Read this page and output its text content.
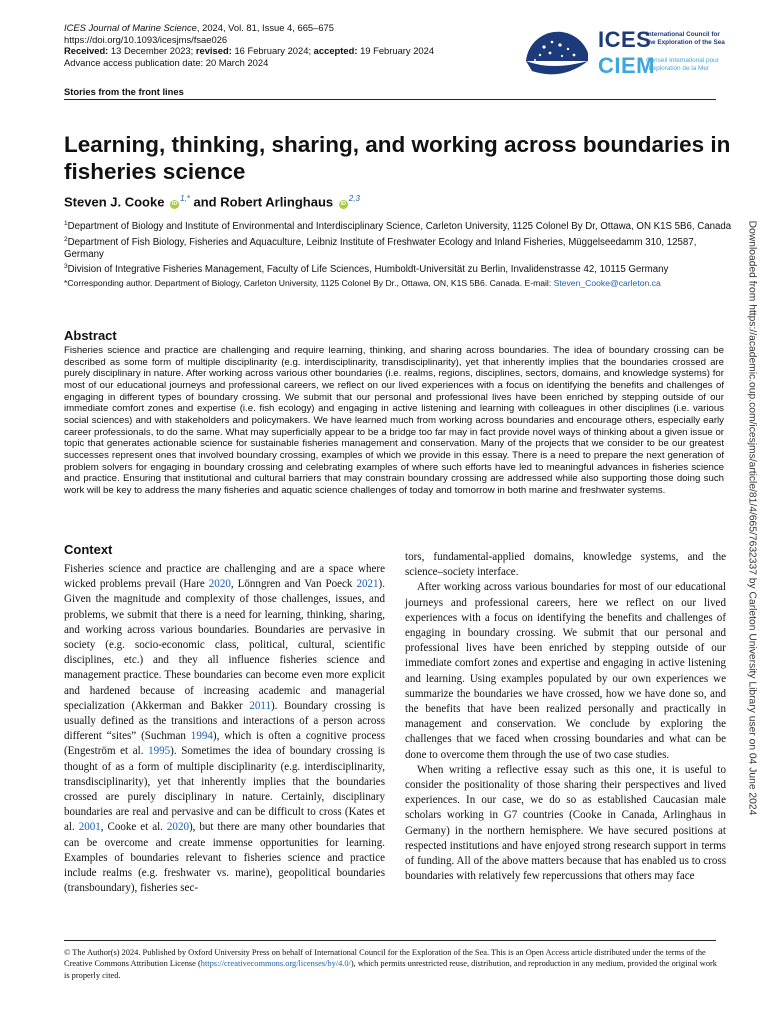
ICES Journal of Marine Science, 2024, Vol. 81, Issue 4, 665–675
https://doi.org/10.1093/icesjms/fsae026
Received: 13 December 2023; revised: 16 February 2024; accepted: 19 February 2024
Advance access publication date: 20 March 2024
Stories from the front lines
ICES
CIEM
International Council for
the Exploration of the Sea
Conseil International pour
l'Exploration de la Mer
Learning, thinking, sharing, and working across boundaries in fisheries science
Steven J. Cooke $iD^{1,*}$ and Robert Arlinghaus iD$^{2,3}$

$^1$Department of Biology and Institute of Environmental and Interdisciplinary Science, Carleton University, 1125 Colonel By Dr, Ottawa, ON K1S 5B6, Canada

$^2$Department of Fish Biology, Fisheries and Aquaculture, Leibniz Institute of Freshwater Ecology and Inland Fisheries, Müggelseedamm 310, 12587, Germany

$^3$Division of Integrative Fisheries Management, Faculty of Life Sciences, Humboldt-Universität zu Berlin, Invalidenstrasse 42, 10115 Germany

*Corresponding author. Department of Biology, Carleton University, 1125 Colonel By Dr., Ottawa, ON, K1S 5B6. Canada. E-mail: Steven_Cooke@carleton.ca

Abstract

Fisheries science and practice are challenging and require learning, thinking, and sharing across boundaries. The idea of boundary crossing can be described as some form of multiple disciplinarity (e.g. interdisciplinarity, transdisciplinarity), yet that inherently implies that the boundaries crossed are purely disciplinary in nature. After working across various other boundaries (i.e. realms, regions, disciplines, sectors, domains, and knowledge systems) for most of our educational journeys and professional careers, we reflect on our lived experiences with a focus on identifying the benefits and challenges of engaging in different types of boundary crossing. We submit that our personal and professional lives have been enriched by stepping outside of our immediate comfort zones and expertise (i.e. fish ecology) and engaging in active listening and learning with colleagues in other disciplines (i.e. various social sciences) and with stakeholders and policymakers. We have learned much from working across boundaries and encourage others, especially early career professionals, to do the same. What may superficially appear to be a bridge too far may in fact provide novel ways of thinking about a given issue or topic that generates actionable science for sustainable fisheries management and conservation. Many of the projects that we consider to be our greatest successes represent ones that involved boundary crossing, examples of which we provide in this essay. There is a need to prepare the next generation of problem solvers for engaging in boundary crossing and celebrating examples of where such efforts have led to meaningful advances in fisheries science and practice. Ensuring that institutional and cultural barriers that may constrain boundary crossing are addressed while also supporting those doing such work will be key to address the many fisheries and aquatic science challenges of today and tomorrow in both marine and freshwater systems.

Context

Fisheries science and practice are challenging and are a space where wicked problems prevail (Hare 2020, Lönngren and Van Poeck 2021). Given the magnitude and complexity of those challenges, issues, and problems, we submit that there is a need for learning, thinking, sharing, and working across various boundaries. Boundaries are pervasive in society (e.g. socio-economic class, political, cultural, scientific disciplines, etc.) and they all influence fisheries science and management practice. These boundaries can become even more explicit and hardened because of increasing academic and managerial specialization (Akkerman and Bakker 2011). Boundary crossing is usually defined as the transitions and interactions of a person across different “sites” (Suchman 1994), which is often a cognitive process (Engeström et al. 1995). Sometimes the idea of boundary crossing is thought of as a form of multiple disciplinarity (e.g. interdisciplinarity, transdisciplinarity), yet that inherently implies that the boundaries crossed are purely disciplinary in nature. Certainly, disciplinary boundaries are real and pervasive and can be difficult to cross (Kates et al. 2001, Cooke et al. 2020), but there are many other boundaries that can be overcome and create immense opportunities for learning. Examples of boundaries relevant to fisheries science and practice include realms (e.g. freshwater vs. marine), geopolitical boundaries (transboundary), fisheries sec-

tors, fundamental-applied domains, knowledge systems, and the science–society interface.

After working across various boundaries for most of our educational journeys and professional careers, here we reflect on our lived experiences with a focus on identifying the benefits and challenges of engaging in boundary crossing. We submit that our personal and professional lives have been enriched by stepping outside of our immediate comfort zones and expertise and engaging in active listening and learning. Using examples populated by our own experiences we summarize the boundaries we have crossed, how we have done so, and the benefits that have been realized personally and practically in management and conservation. We conclude by exploring the challenges that we faced when crossing boundaries and what can be done to overcome them through the use of two case studies.

When writing a reflective essay such as this one, it is useful to consider the positionality of those sharing their perspectives and lived experiences. In our case, we do so as established Caucasian male scholars working in G7 countries (Cooke in Canada, Arlinghaus in Germany) in the northern hemisphere. We have secured positions at respected institutions and have enjoyed strong research support in terms of funding. All of the above matters because that has enabled us to cross boundaries with relatively few repercussions that others may face

Downloaded from https://academic.oup.com/icesjms/article/81/4/665/7632337 by Carleton University Library user on 04 June 2024

© The Author(s) 2024. Published by Oxford University Press on behalf of International Council for the Exploration of the Sea. This is an Open Access article distributed under the terms of the Creative Commons Attribution License (https://creativecommons.org/licenses/by/4.0/), which permits unrestricted reuse, distribution, and reproduction in any medium, provided the original work is properly cited.
